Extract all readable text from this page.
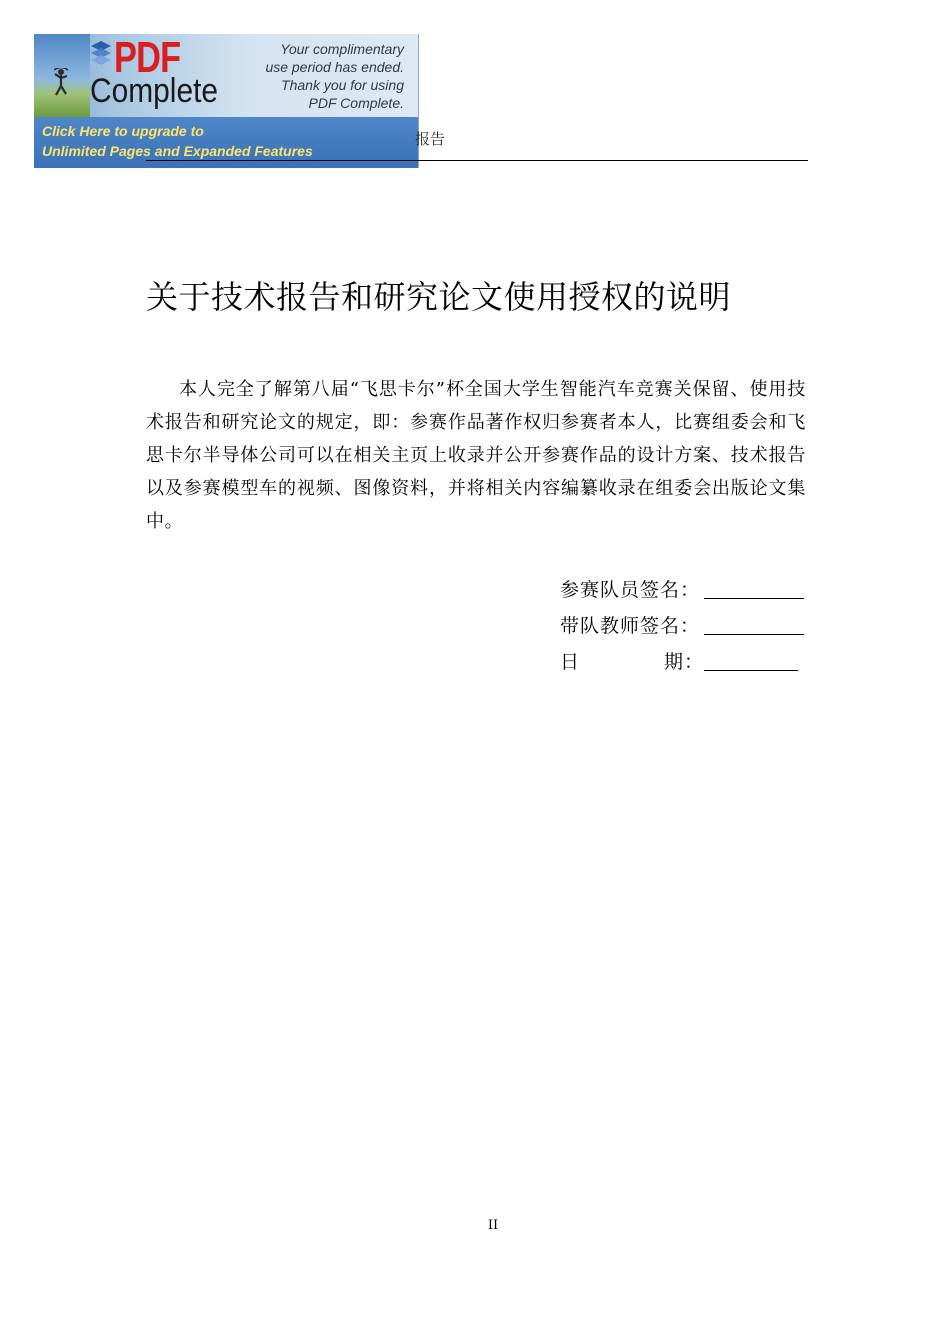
PDF
Complete
Your complimentary
use period has ended.
Thank you for using
PDF Complete.
Click Here to upgrade to
Unlimited Pages and Expanded Features
报告
关于技术报告和研究论文使用授权的说明
本人完全了解第八届“飞思卡尔”杯全国大学生智能汽车竞赛关保留、使用技术报告和研究论文的规定，即：参赛作品著作权归参赛者本人，比赛组委会和飞思卡尔半导体公司可以在相关主页上收录并公开参赛作品的设计方案、技术报告以及参赛模型车的视频、图像资料，并将相关内容编纂收录在组委会出版论文集中。
参赛队员签名：
带队教师签名：
日	期：
II
